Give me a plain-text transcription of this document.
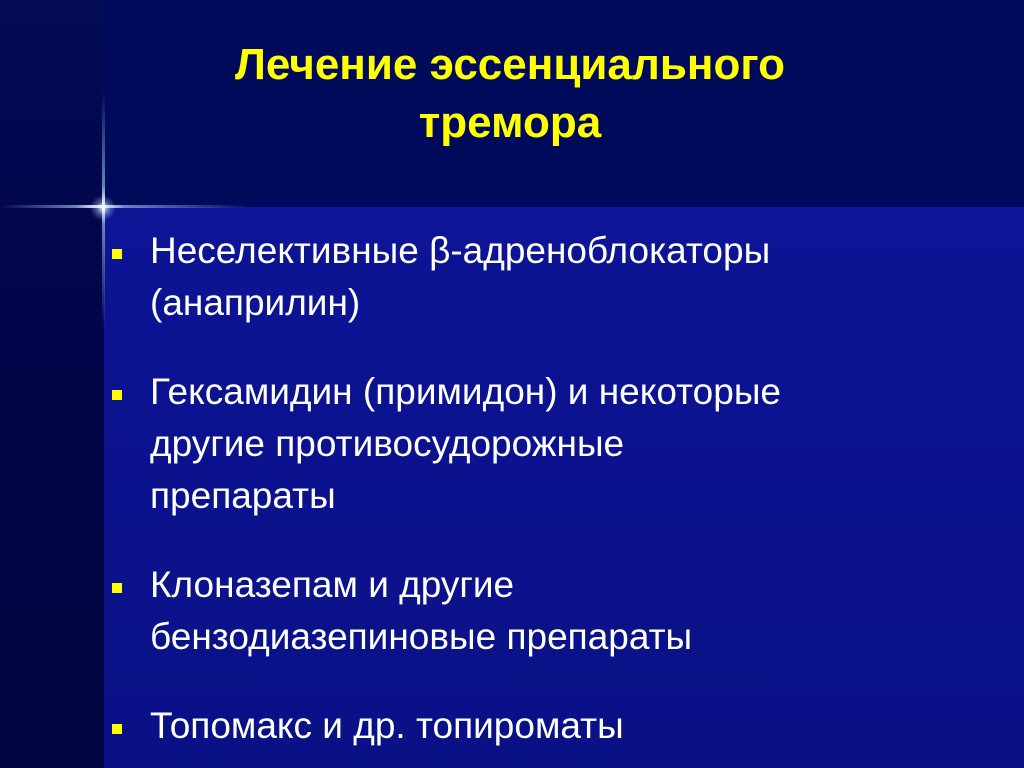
Лечение эссенциального
тремора
Неселективные β-адреноблокаторы
(анаприлин)
Гексамидин (примидон) и некоторые
другие противосудорожные
препараты
Клоназепам и другие
бензодиазепиновые препараты
Топомакс и др. топироматы
